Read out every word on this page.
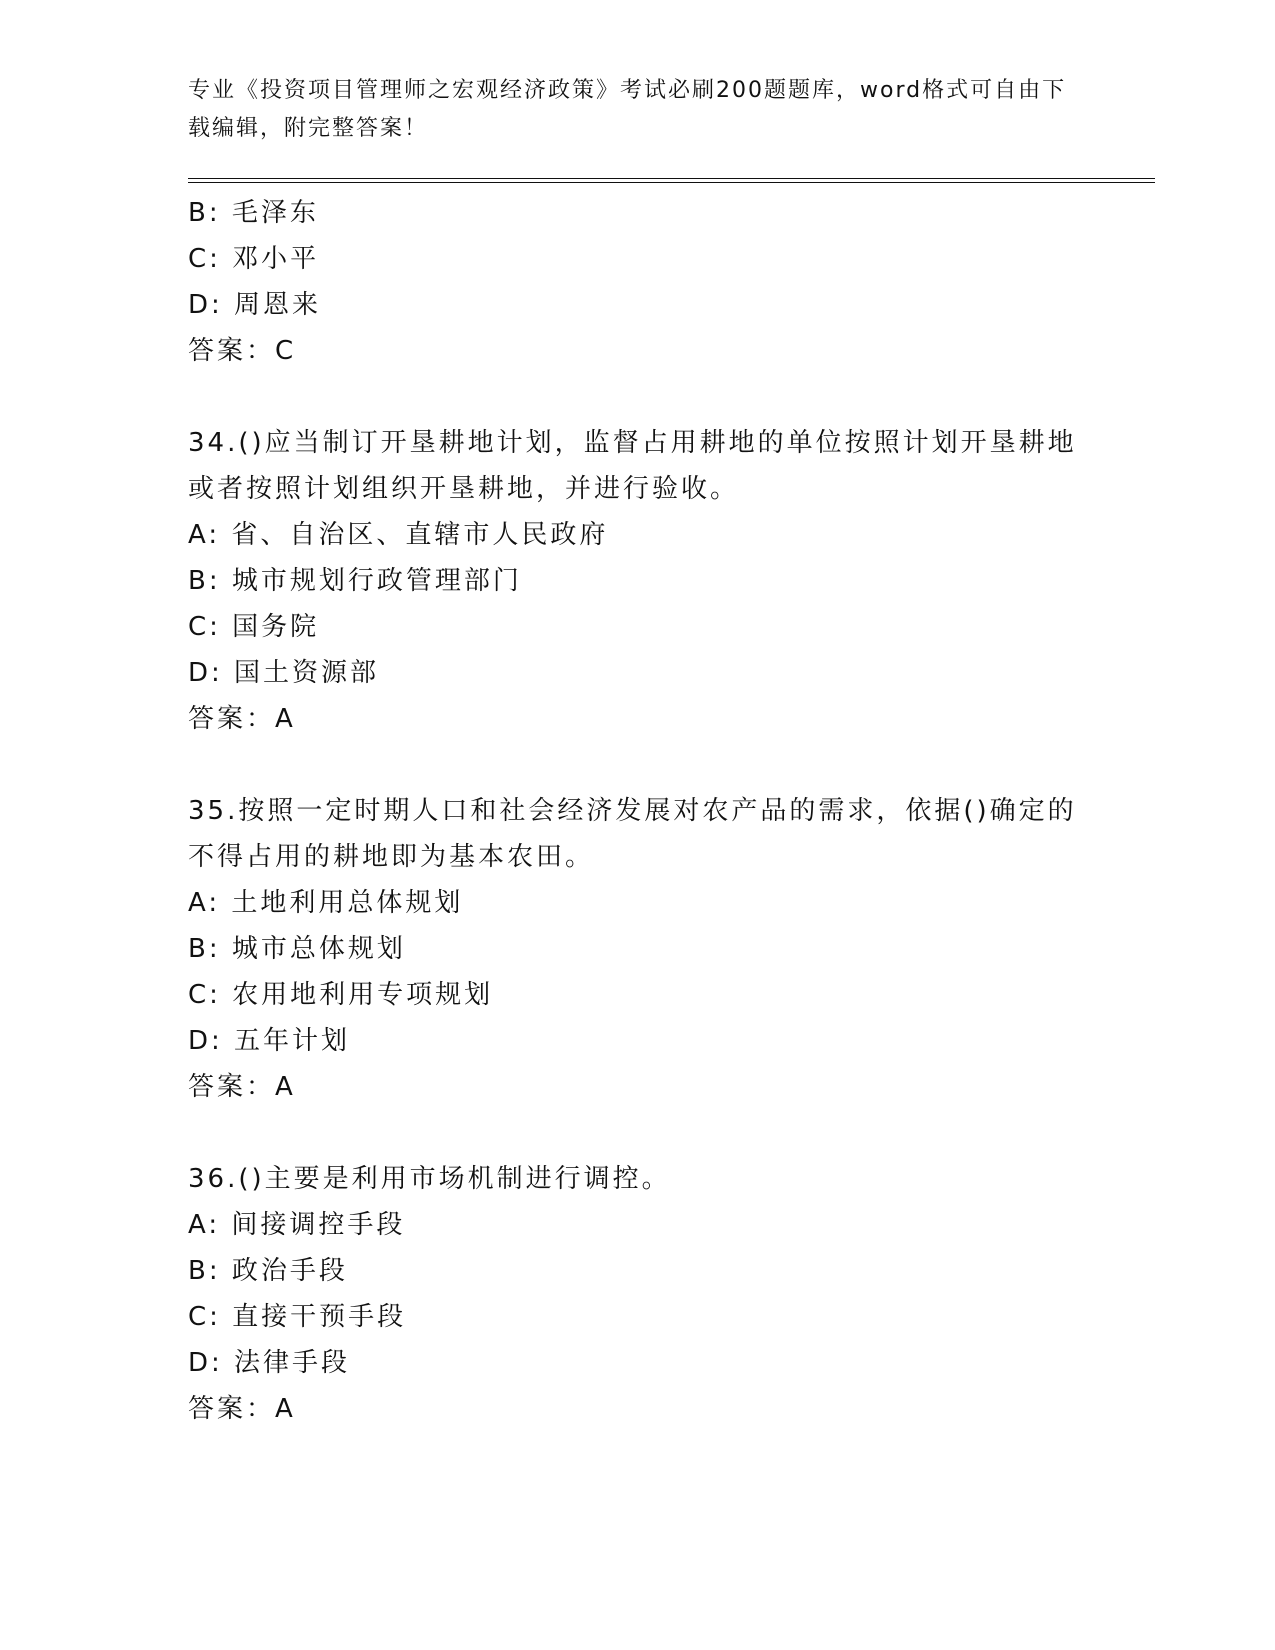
专业《投资项目管理师之宏观经济政策》考试必刷200题题库，word格式可自由下载编辑，附完整答案！
B: 毛泽东
C: 邓小平
D: 周恩来
答案：C
34.()应当制订开垦耕地计划，监督占用耕地的单位按照计划开垦耕地
或者按照计划组织开垦耕地，并进行验收。
A: 省、自治区、直辖市人民政府
B: 城市规划行政管理部门
C: 国务院
D: 国土资源部
答案：A
35.按照一定时期人口和社会经济发展对农产品的需求，依据()确定的
不得占用的耕地即为基本农田。
A: 土地利用总体规划
B: 城市总体规划
C: 农用地利用专项规划
D: 五年计划
答案：A
36.()主要是利用市场机制进行调控。
A: 间接调控手段
B: 政治手段
C: 直接干预手段
D: 法律手段
答案：A
